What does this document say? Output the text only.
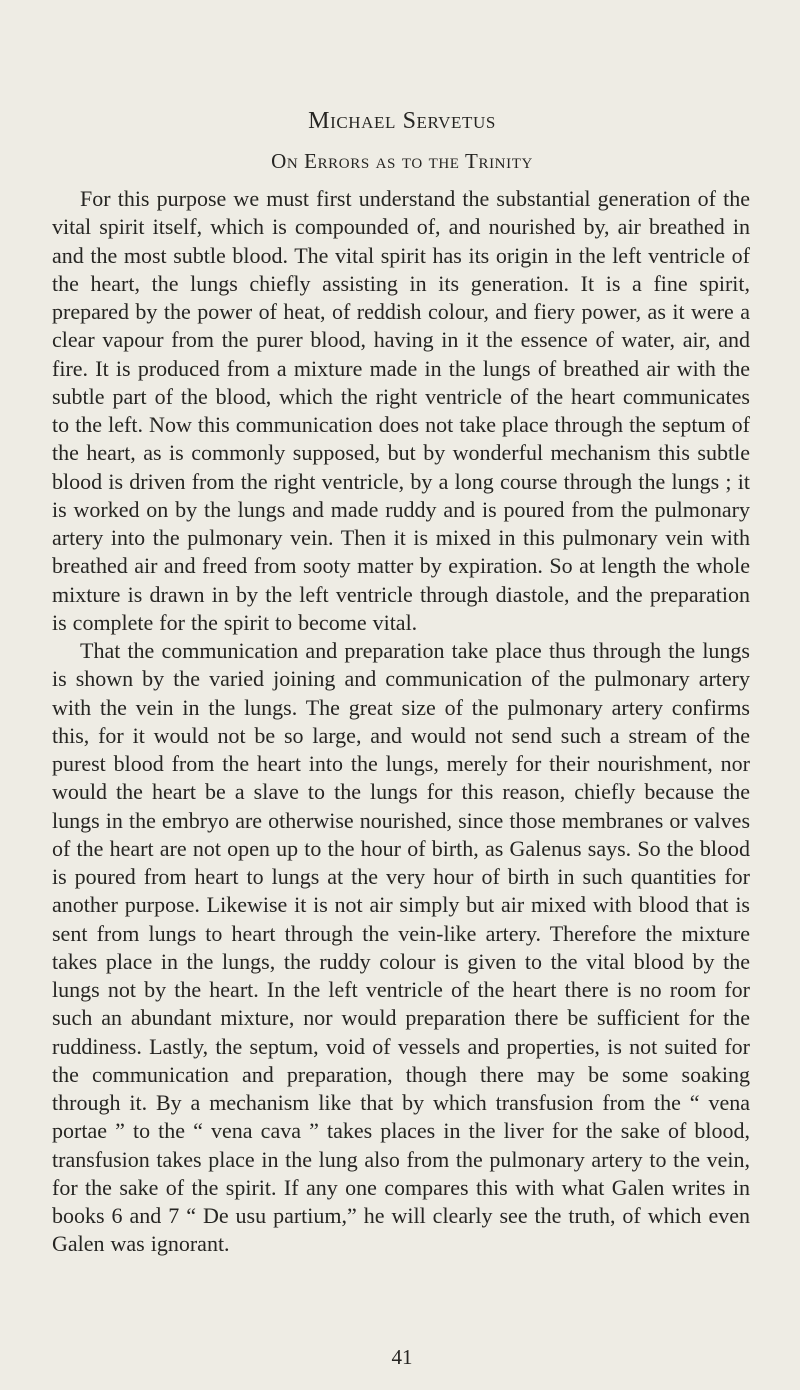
Michael Servetus
On Errors as to the Trinity

For this purpose we must first understand the substantial generation of the vital spirit itself, which is compounded of, and nourished by, air breathed in and the most subtle blood. The vital spirit has its origin in the left ventricle of the heart, the lungs chiefly assisting in its generation. It is a fine spirit, prepared by the power of heat, of reddish colour, and fiery power, as it were a clear vapour from the purer blood, having in it the essence of water, air, and fire. It is produced from a mixture made in the lungs of breathed air with the subtle part of the blood, which the right ventricle of the heart communicates to the left. Now this communication does not take place through the septum of the heart, as is commonly supposed, but by wonderful mechanism this subtle blood is driven from the right ventricle, by a long course through the lungs ; it is worked on by the lungs and made ruddy and is poured from the pulmonary artery into the pulmonary vein. Then it is mixed in this pulmonary vein with breathed air and freed from sooty matter by expiration. So at length the whole mixture is drawn in by the left ventricle through diastole, and the preparation is complete for the spirit to become vital.

That the communication and preparation take place thus through the lungs is shown by the varied joining and communication of the pulmonary artery with the vein in the lungs. The great size of the pulmonary artery confirms this, for it would not be so large, and would not send such a stream of the purest blood from the heart into the lungs, merely for their nourishment, nor would the heart be a slave to the lungs for this reason, chiefly because the lungs in the embryo are otherwise nourished, since those membranes or valves of the heart are not open up to the hour of birth, as Galenus says. So the blood is poured from heart to lungs at the very hour of birth in such quantities for another purpose. Likewise it is not air simply but air mixed with blood that is sent from lungs to heart through the vein-like artery. Therefore the mixture takes place in the lungs, the ruddy colour is given to the vital blood by the lungs not by the heart. In the left ventricle of the heart there is no room for such an abundant mixture, nor would preparation there be sufficient for the ruddiness. Lastly, the septum, void of vessels and properties, is not suited for the communication and preparation, though there may be some soaking through it. By a mechanism like that by which transfusion from the “ vena portae ” to the “ vena cava ” takes places in the liver for the sake of blood, transfusion takes place in the lung also from the pulmonary artery to the vein, for the sake of the spirit. If any one compares this with what Galen writes in books 6 and 7 “ De usu partium,” he will clearly see the truth, of which even Galen was ignorant.

41
